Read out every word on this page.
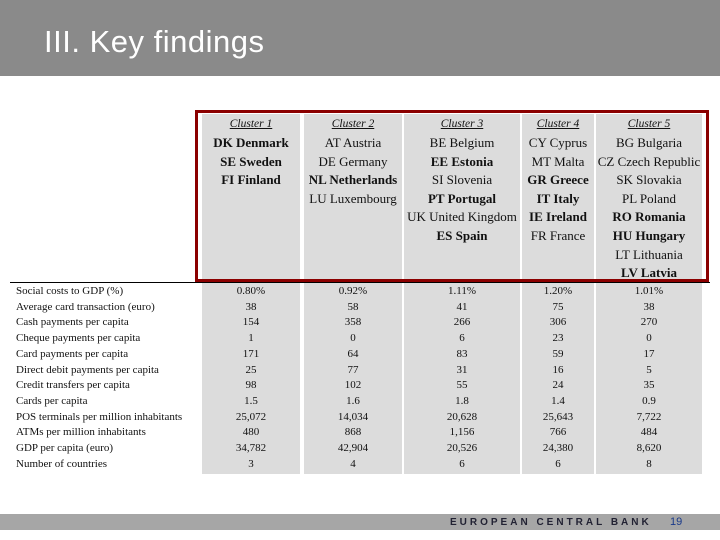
III. Key findings
Cluster 1
DK Denmark
SE Sweden
FI Finland
Cluster 2
AT Austria
DE Germany
NL Netherlands
LU Luxembourg
Cluster 3
BE Belgium
EE Estonia
SI Slovenia
PT Portugal
UK United Kingdom
ES Spain
Cluster 4
CY Cyprus
MT Malta
GR Greece
IT Italy
IE Ireland
FR France
Cluster 5
BG Bulgaria
CZ Czech Republic
SK Slovakia
PL Poland
RO Romania
HU Hungary
LT Lithuania
LV Latvia
Social costs to GDP (%)	0.80%	0.92%	1.11%	1.20%	1.01%
Average card transaction (euro)	38	58	41	75	38
Cash payments per capita	154	358	266	306	270
Cheque payments per capita	1	0	6	23	0
Card payments per capita	171	64	83	59	17
Direct debit payments per capita	25	77	31	16	5
Credit transfers per capita	98	102	55	24	35
Cards per capita	1.5	1.6	1.8	1.4	0.9
POS terminals per million inhabitants	25,072	14,034	20,628	25,643	7,722
ATMs per million inhabitants	480	868	1,156	766	484
GDP per capita (euro)	34,782	42,904	20,526	24,380	8,620
Number of countries	3	4	6	6	8
EUROPEAN CENTRAL BANK 19
